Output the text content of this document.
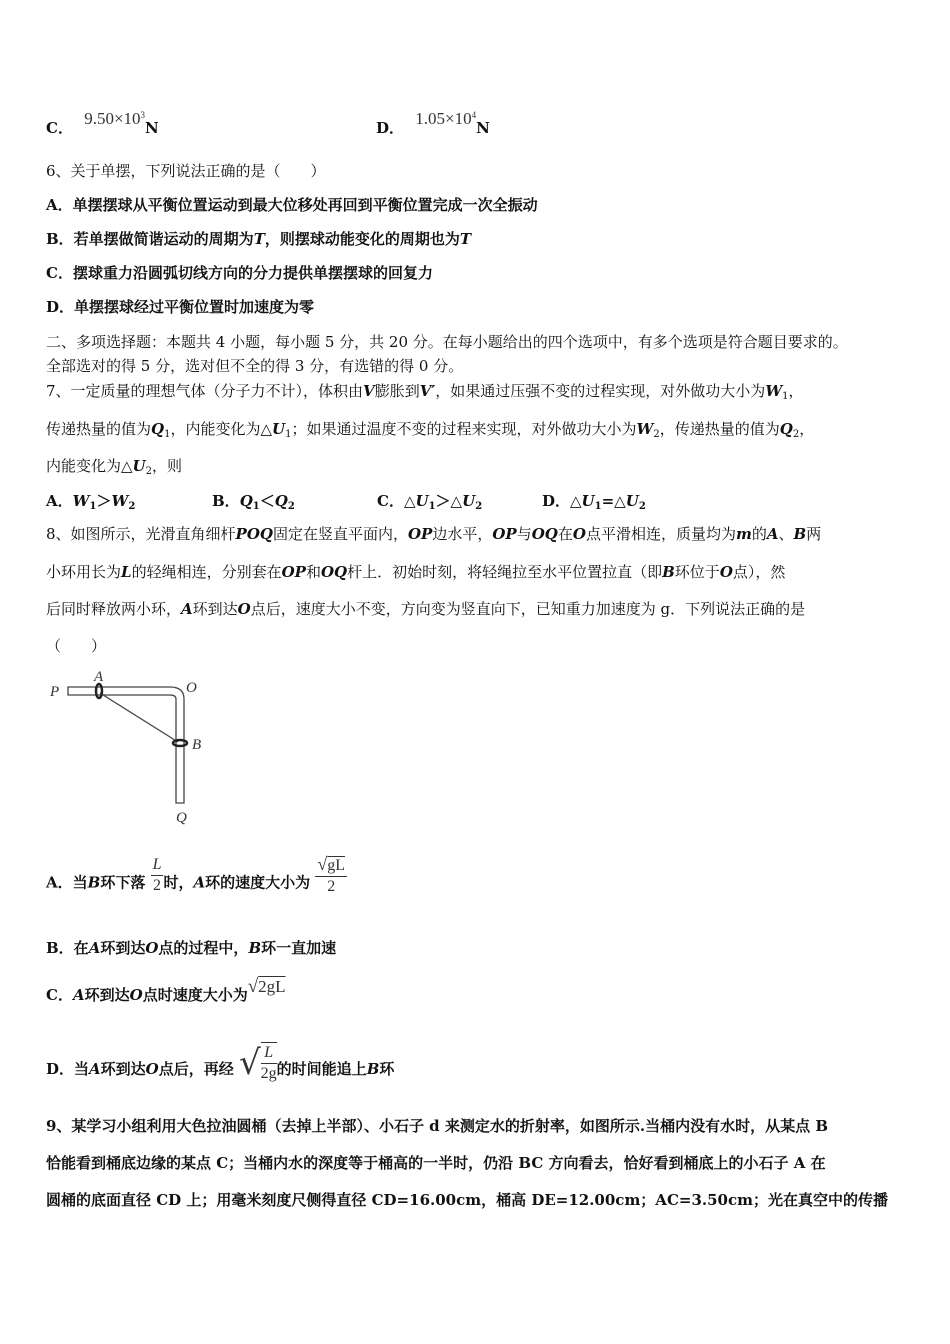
C． $9.50\times 10^3N$	D． $1.05\times 10^4N$
6、关于单摆，下列说法正确的是（　　）
A．单摆摆球从平衡位置运动到最大位移处再回到平衡位置完成一次全振动
B．若单摆做简谐运动的周期为T，则摆球动能变化的周期也为T
C．摆球重力沿圆弧切线方向的分力提供单摆摆球的回复力
D．单摆摆球经过平衡位置时加速度为零
二、多项选择题：本题共 4 小题，每小题 5 分，共 20 分。在每小题给出的四个选项中，有多个选项是符合题目要求的。
全部选对的得 5 分，选对但不全的得 3 分，有选错的得 0 分。
7、一定质量的理想气体（分子力不计），体积由V膨胀到V′，如果通过压强不变的过程实现，对外做功大小为$W_1$，
传递热量的值为$Q_1$，内能变化为$\triangle U_1$；如果通过温度不变的过程来实现，对外做功大小为$W_2$，传递热量的值为$Q_2$，
内能变化为$\triangle U_2$，则
A．$W_1>W_2$	B．$Q_1<Q_2$	C．$\triangle U_1>\triangle U_2$	D．$\triangle U_1=\triangle U_2$
8、如图所示，光滑直角细杆POQ固定在竖直平面内，OP边水平，OP与OQ在O点平滑相连，质量均为m的A、B两
小环用长为L的轻绳相连，分别套在OP和OQ杆上．初始时刻，将轻绳拉至水平位置拉直（即B环位于O点），然
后同时释放两小环，A环到达O点后，速度大小不变，方向变为竖直向下，已知重力加速度为 g．下列说法正确的是
（　　）
P
A
O
B
Q
A．当B环下落 $\frac{L}{2}$ 时，A环的速度大小为 $\frac{√gL}{2}$
B．在A环到达O点的过程中，B环一直加速
C．A环到达O点时速度大小为√2gL
D．当A环到达O点后，再经 √ $\frac{L}{2g}$ 的时间能追上B环
9、某学习小组利用大色拉油圆桶（去掉上半部）、小石子 d 来测定水的折射率，如图所示.当桶内没有水时，从某点 B
恰能看到桶底边缘的某点 C；当桶内水的深度等于桶高的一半时，仍沿 BC 方向看去，恰好看到桶底上的小石子 A 在
圆桶的底面直径 CD 上；用毫米刻度尺侧得直径 CD=16.00cm，桶高 DE=12.00cm；AC=3.50cm；光在真空中的传播
